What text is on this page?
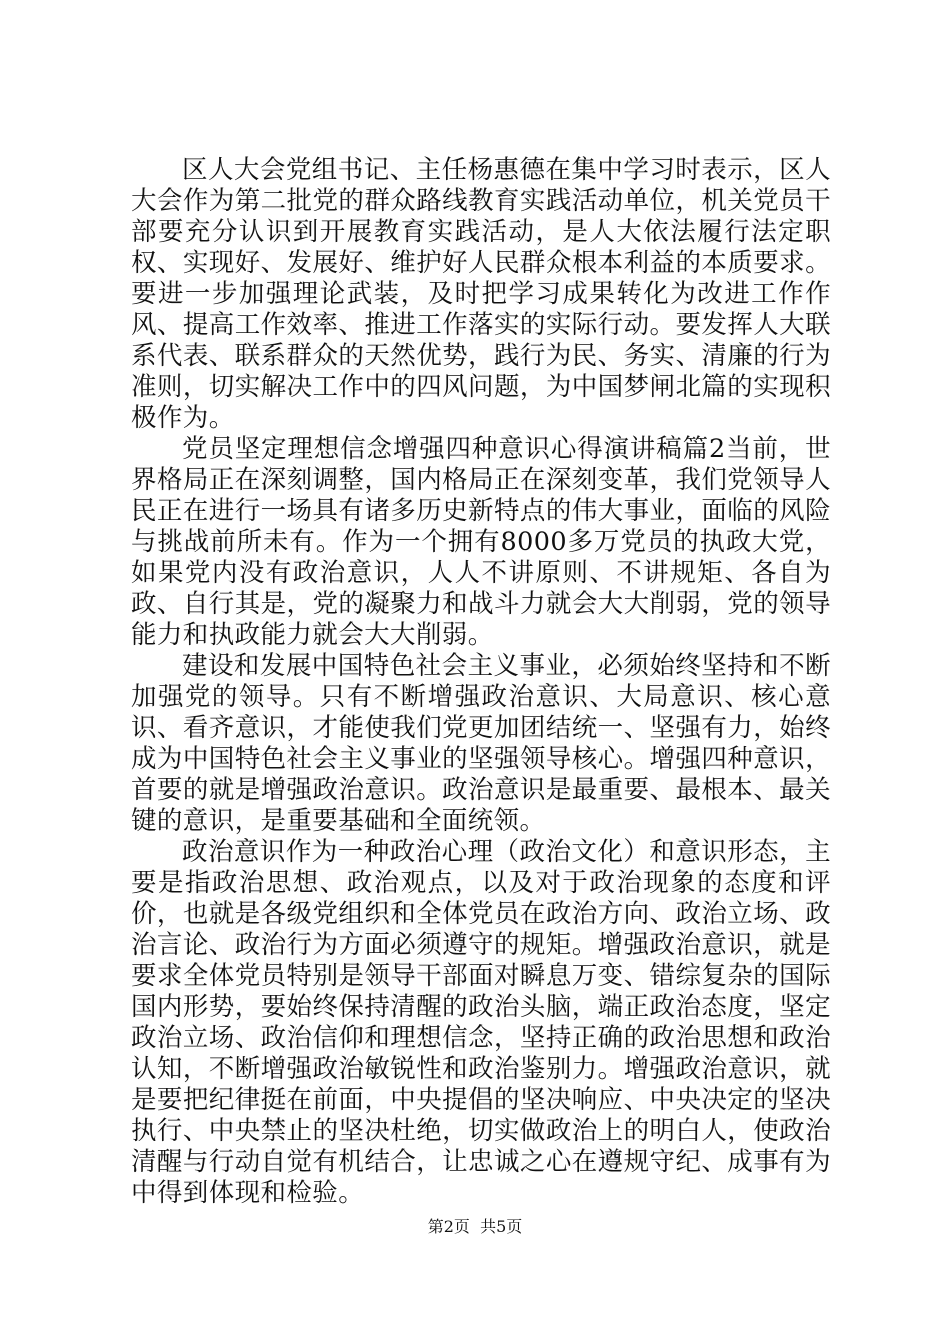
区人大会党组书记、主任杨惠德在集中学习时表示，区人大会作为第二批党的群众路线教育实践活动单位，机关党员干部要充分认识到开展教育实践活动，是人大依法履行法定职权、实现好、发展好、维护好人民群众根本利益的本质要求。要进一步加强理论武装，及时把学习成果转化为改进工作作风、提高工作效率、推进工作落实的实际行动。要发挥人大联系代表、联系群众的天然优势，践行为民、务实、清廉的行为准则，切实解决工作中的四风问题，为中国梦闸北篇的实现积极作为。

党员坚定理想信念增强四种意识心得演讲稿篇2当前，世界格局正在深刻调整，国内格局正在深刻变革，我们党领导人民正在进行一场具有诸多历史新特点的伟大事业，面临的风险与挑战前所未有。作为一个拥有8000多万党员的执政大党，如果党内没有政治意识，人人不讲原则、不讲规矩、各自为政、自行其是，党的凝聚力和战斗力就会大大削弱，党的领导能力和执政能力就会大大削弱。

建设和发展中国特色社会主义事业，必须始终坚持和不断加强党的领导。只有不断增强政治意识、大局意识、核心意识、看齐意识，才能使我们党更加团结统一、坚强有力，始终成为中国特色社会主义事业的坚强领导核心。增强四种意识，首要的就是增强政治意识。政治意识是最重要、最根本、最关键的意识，是重要基础和全面统领。

政治意识作为一种政治心理（政治文化）和意识形态，主要是指政治思想、政治观点，以及对于政治现象的态度和评价，也就是各级党组织和全体党员在政治方向、政治立场、政治言论、政治行为方面必须遵守的规矩。增强政治意识，就是要求全体党员特别是领导干部面对瞬息万变、错综复杂的国际国内形势，要始终保持清醒的政治头脑，端正政治态度，坚定政治立场、政治信仰和理想信念，坚持正确的政治思想和政治认知，不断增强政治敏锐性和政治鉴别力。增强政治意识，就是要把纪律挺在前面，中央提倡的坚决响应、中央决定的坚决执行、中央禁止的坚决杜绝，切实做政治上的明白人，使政治清醒与行动自觉有机结合，让忠诚之心在遵规守纪、成事有为中得到体现和检验。

第2页  共5页
